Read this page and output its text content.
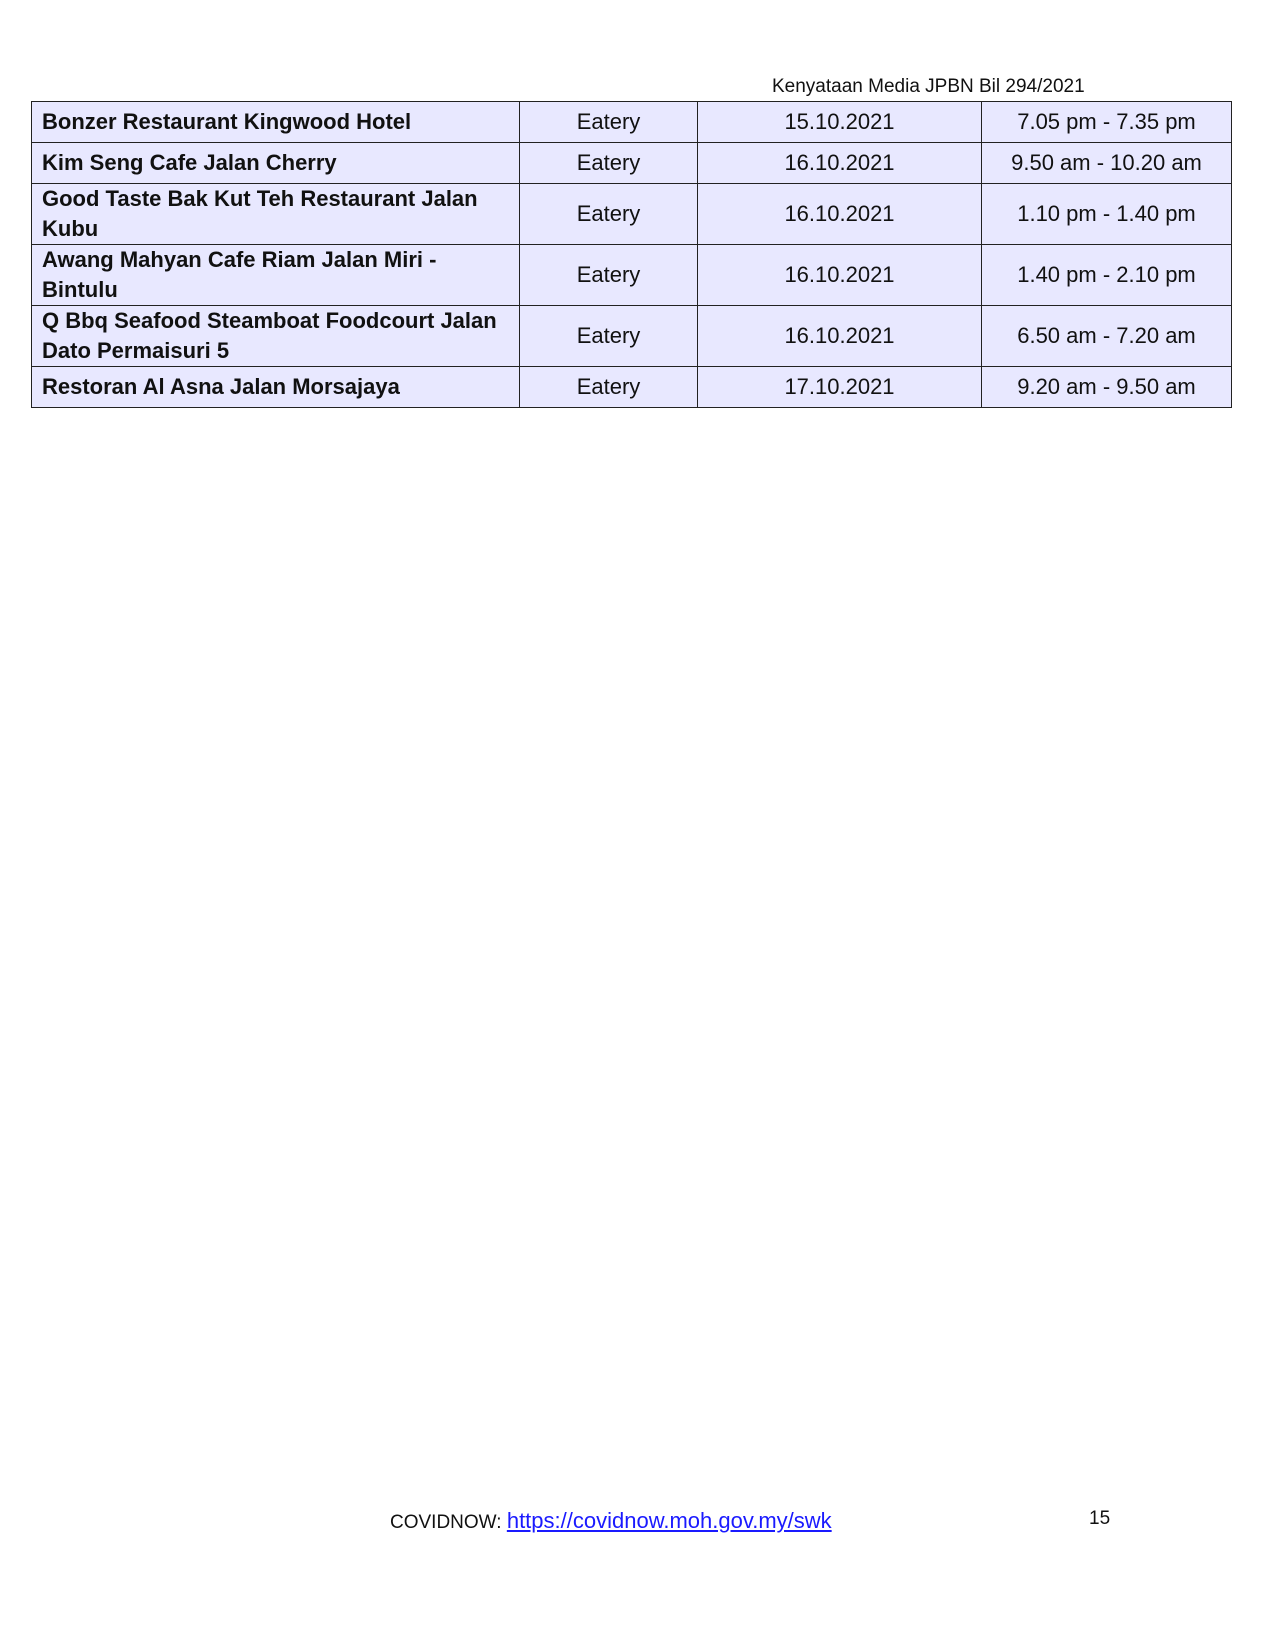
Kenyataan Media JPBN Bil 294/2021
Bonzer Restaurant Kingwood Hotel	Eatery	15.10.2021	7.05 pm - 7.35 pm
Kim Seng Cafe Jalan Cherry	Eatery	16.10.2021	9.50 am - 10.20 am
Good Taste Bak Kut Teh Restaurant Jalan Kubu	Eatery	16.10.2021	1.10 pm - 1.40 pm
Awang Mahyan Cafe Riam Jalan Miri - Bintulu	Eatery	16.10.2021	1.40 pm - 2.10 pm
Q Bbq Seafood Steamboat Foodcourt Jalan Dato Permaisuri 5	Eatery	16.10.2021	6.50 am - 7.20 am
Restoran Al Asna Jalan Morsajaya	Eatery	17.10.2021	9.20 am - 9.50 am
COVIDNOW: https://covidnow.moh.gov.my/swk	15
